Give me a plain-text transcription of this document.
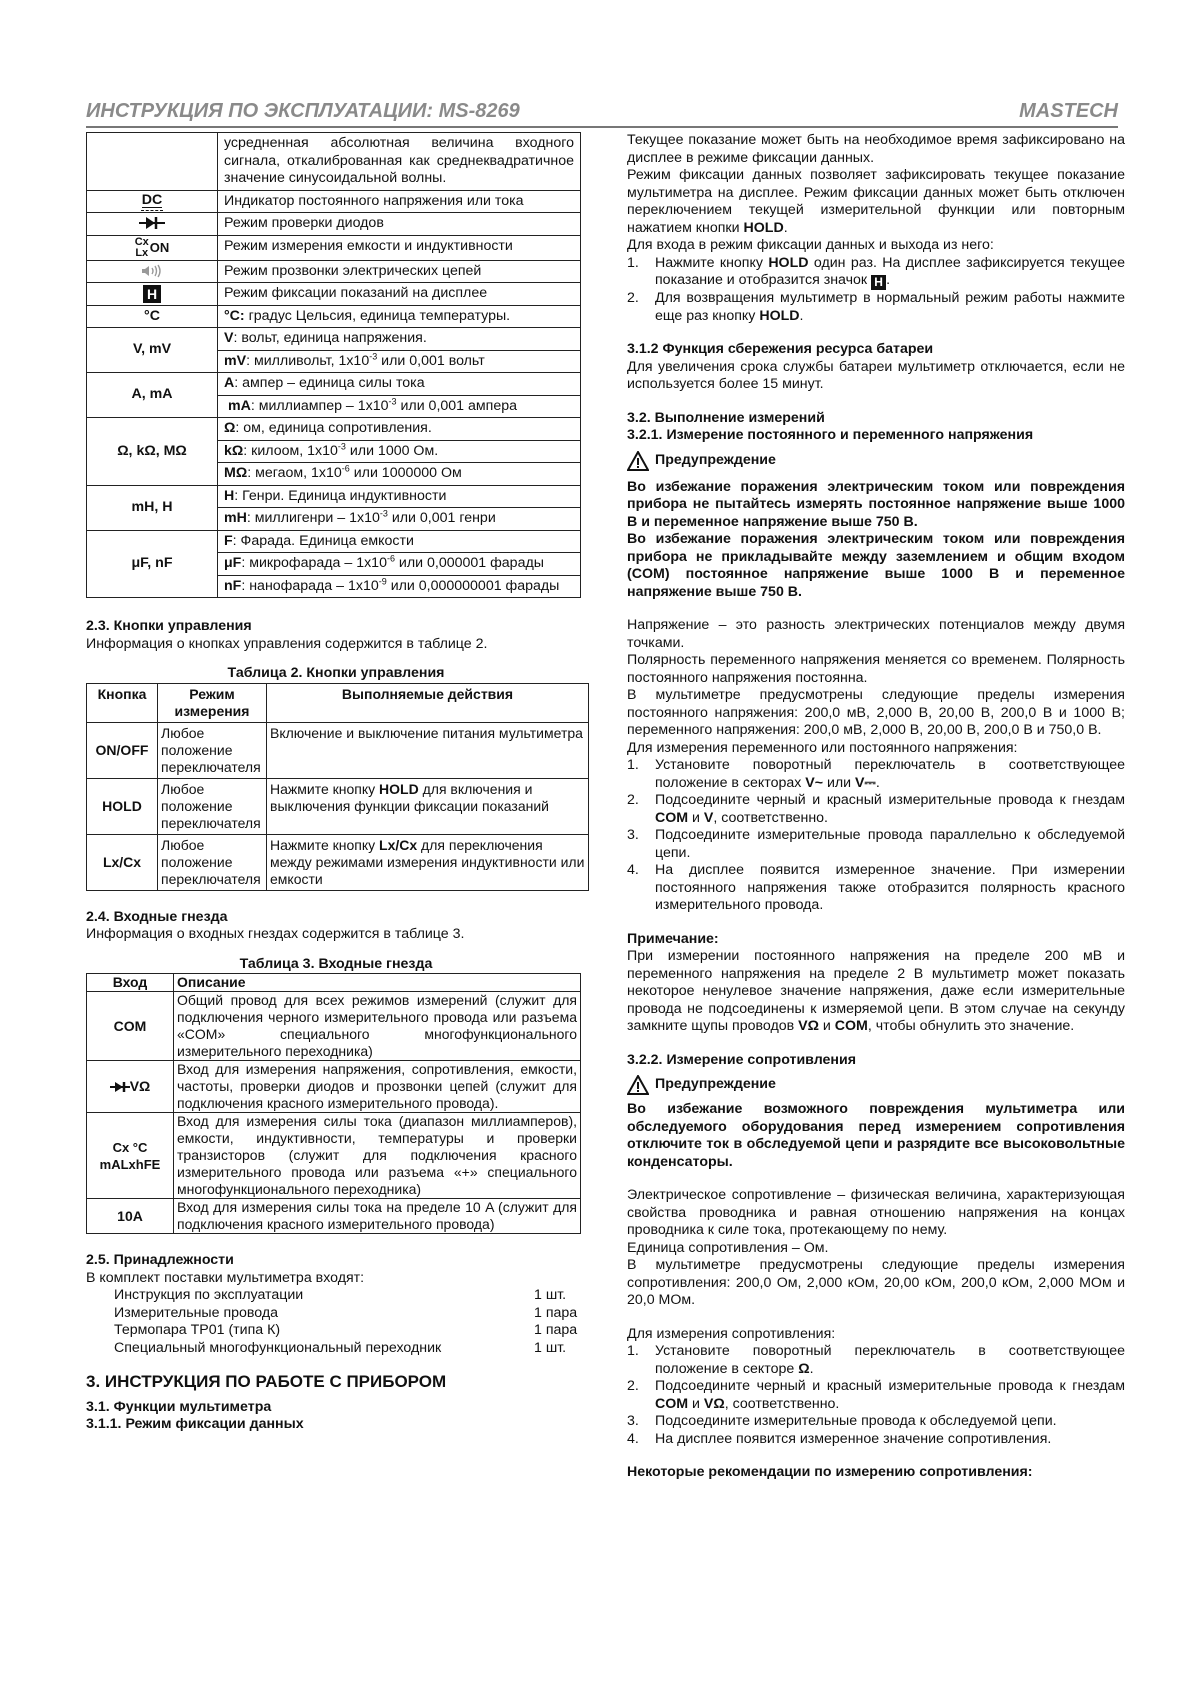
ИНСТРУКЦИЯ ПО ЭКСПЛУАТАЦИИ: MS-8269	MASTECH
	усредненная абсолютная величина входного сигнала, откалиброванная как среднеквадратичное значение синусоидальной волны.
DC	Индикатор постоянного напряжения или тока
	Режим проверки диодов

Cx
Lx ON	Режим измерения емкости и индуктивности
	Режим прозвонки электрических цепей
H	Режим фиксации показаний на дисплее
°C	°C: градус Цельсия, единица температуры.
V, mV	V: вольт, единица напряжения.
	mV: милливольт, $1x10^{-3}$ или 0,001 вольт
A, mA	A: ампер – единица силы тока
	mA: миллиампер – $1x10^{-3}$ или 0,001 ампера
Ω, kΩ, MΩ	Ω: ом, единица сопротивления.
	kΩ: килоом, $1x10^{-3}$ или 1000 Ом.
	MΩ: мегаом, $1x10^{-6}$ или 1000000 Ом
mH, H	H: Генри. Единица индуктивности
	mH: миллигенри – $1x10^{-3}$ или 0,001 генри
μF, nF	F: Фарада. Единица емкости
	μF: микрофарада – $1x10^{-6}$ или 0,000001 фарады
	nF: нанофарада – $1x10^{-9}$ или 0,000000001 фарады

2.3. Кнопки управления

Информация о кнопках управления содержится в таблице 2.

Таблица 2. Кнопки управления

Кнопка	Режим измерения	Выполняемые действия
ON/OFF	Любое положение переключателя	Включение и выключение питания мультиметра
HOLD	Любое положение переключателя	Нажмите кнопку HOLD для включения и выключения функции фиксации показаний
Lx/Cx	Любое положение переключателя	Нажмите кнопку Lx/Cx для переключения между режимами измерения индуктивности или емкости

2.4. Входные гнезда

Информация о входных гнездах содержится в таблице 3.

Таблица 3. Входные гнезда

Вход	Описание
COM	Общий провод для всех режимов измерений (служит для подключения черного измерительного провода или разъема «COM» специального многофункционального измерительного переходника)
VΩ	Вход для измерения напряжения, сопротивления, емкости, частоты, проверки диодов и прозвонки цепей (служит для подключения красного измерительного провода).

Cx °C
mALxhFE	Вход для измерения силы тока (диапазон миллиамперов), емкости, индуктивности, температуры и проверки транзисторов (служит для подключения красного измерительного провода или разъема «+» специального многофункционального переходника)
10A	Вход для измерения силы тока на пределе 10 A (служит для подключения красного измерительного провода)

2.5. Принадлежности

В комплект поставки мультиметра входят:

Инструкция по эксплуатации	1 шт.
Измерительные провода	1 пара
Термопара TP01 (типа К)	1 пара
Специальный многофункциональный переходник	1 шт.

3. ИНСТРУКЦИЯ ПО РАБОТЕ С ПРИБОРОМ

3.1. Функции мультиметра

3.1.1. Режим фиксации данных

Текущее показание может быть на необходимое время зафиксировано на дисплее в режиме фиксации данных.

Режим фиксации данных позволяет зафиксировать текущее показание мультиметра на дисплее. Режим фиксации данных может быть отключен переключением текущей измерительной функции или повторным нажатием кнопки HOLD.

Для входа в режим фиксации данных и выхода из него:

1. Нажмите кнопку HOLD один раз. На дисплее зафиксируется текущее показание и отобразится значок H .
2. Для возвращения мультиметр в нормальный режим работы нажмите еще раз кнопку HOLD.

3.1.2 Функция сбережения ресурса батареи

Для увеличения срока службы батареи мультиметр отключается, если не используется более 15 минут.

3.2. Выполнение измерений

3.2.1. Измерение постоянного и переменного напряжения

Предупреждение

Во избежание поражения электрическим током или повреждения прибора не пытайтесь измерять постоянное напряжение выше 1000 В и переменное напряжение выше 750 В.

Во избежание поражения электрическим током или повреждения прибора не прикладывайте между заземлением и общим входом (COM) постоянное напряжение выше 1000 В и переменное напряжение выше 750 В.

Напряжение – это разность электрических потенциалов между двумя точками.

Полярность переменного напряжения меняется со временем. Полярность постоянного напряжения постоянна.

В мультиметре предусмотрены следующие пределы измерения постоянного напряжения: 200,0 мВ, 2,000 В, 20,00 В, 200,0 В и 1000 В; переменного напряжения: 200,0 мВ, 2,000 В, 20,00 В, 200,0 В и 750,0 В.

Для измерения переменного или постоянного напряжения:

1. Установите поворотный переключатель в соответствующее положение в секторах V~ или V⎓.
2. Подсоедините черный и красный измерительные провода к гнездам COM и V, соответственно.
3. Подсоедините измерительные провода параллельно к обследуемой цепи.
4. На дисплее появится измеренное значение. При измерении постоянного напряжения также отобразится полярность красного измерительного провода.

Примечание:

При измерении постоянного напряжения на пределе 200 мВ и переменного напряжения на пределе 2 В мультиметр может показать некоторое ненулевое значение напряжения, даже если измерительные провода не подсоединены к измеряемой цепи. В этом случае на секунду замкните щупы проводов VΩ и COM, чтобы обнулить это значение.

3.2.2. Измерение сопротивления

Предупреждение

Во избежание возможного повреждения мультиметра или обследуемого оборудования перед измерением сопротивления отключите ток в обследуемой цепи и разрядите все высоковольтные конденсаторы.

Электрическое сопротивление – физическая величина, характеризующая свойства проводника и равная отношению напряжения на концах проводника к силе тока, протекающему по нему.

Единица сопротивления – Ом.

В мультиметре предусмотрены следующие пределы измерения сопротивления: 200,0 Ом, 2,000 кОм, 20,00 кОм, 200,0 кОм, 2,000 МОм и 20,0 МОм.

Для измерения сопротивления:

1. Установите поворотный переключатель в соответствующее положение в секторе Ω.
2. Подсоедините черный и красный измерительные провода к гнездам COM и VΩ, соответственно.
3. Подсоедините измерительные провода к обследуемой цепи.
4. На дисплее появится измеренное значение сопротивления.

Некоторые рекомендации по измерению сопротивления:
